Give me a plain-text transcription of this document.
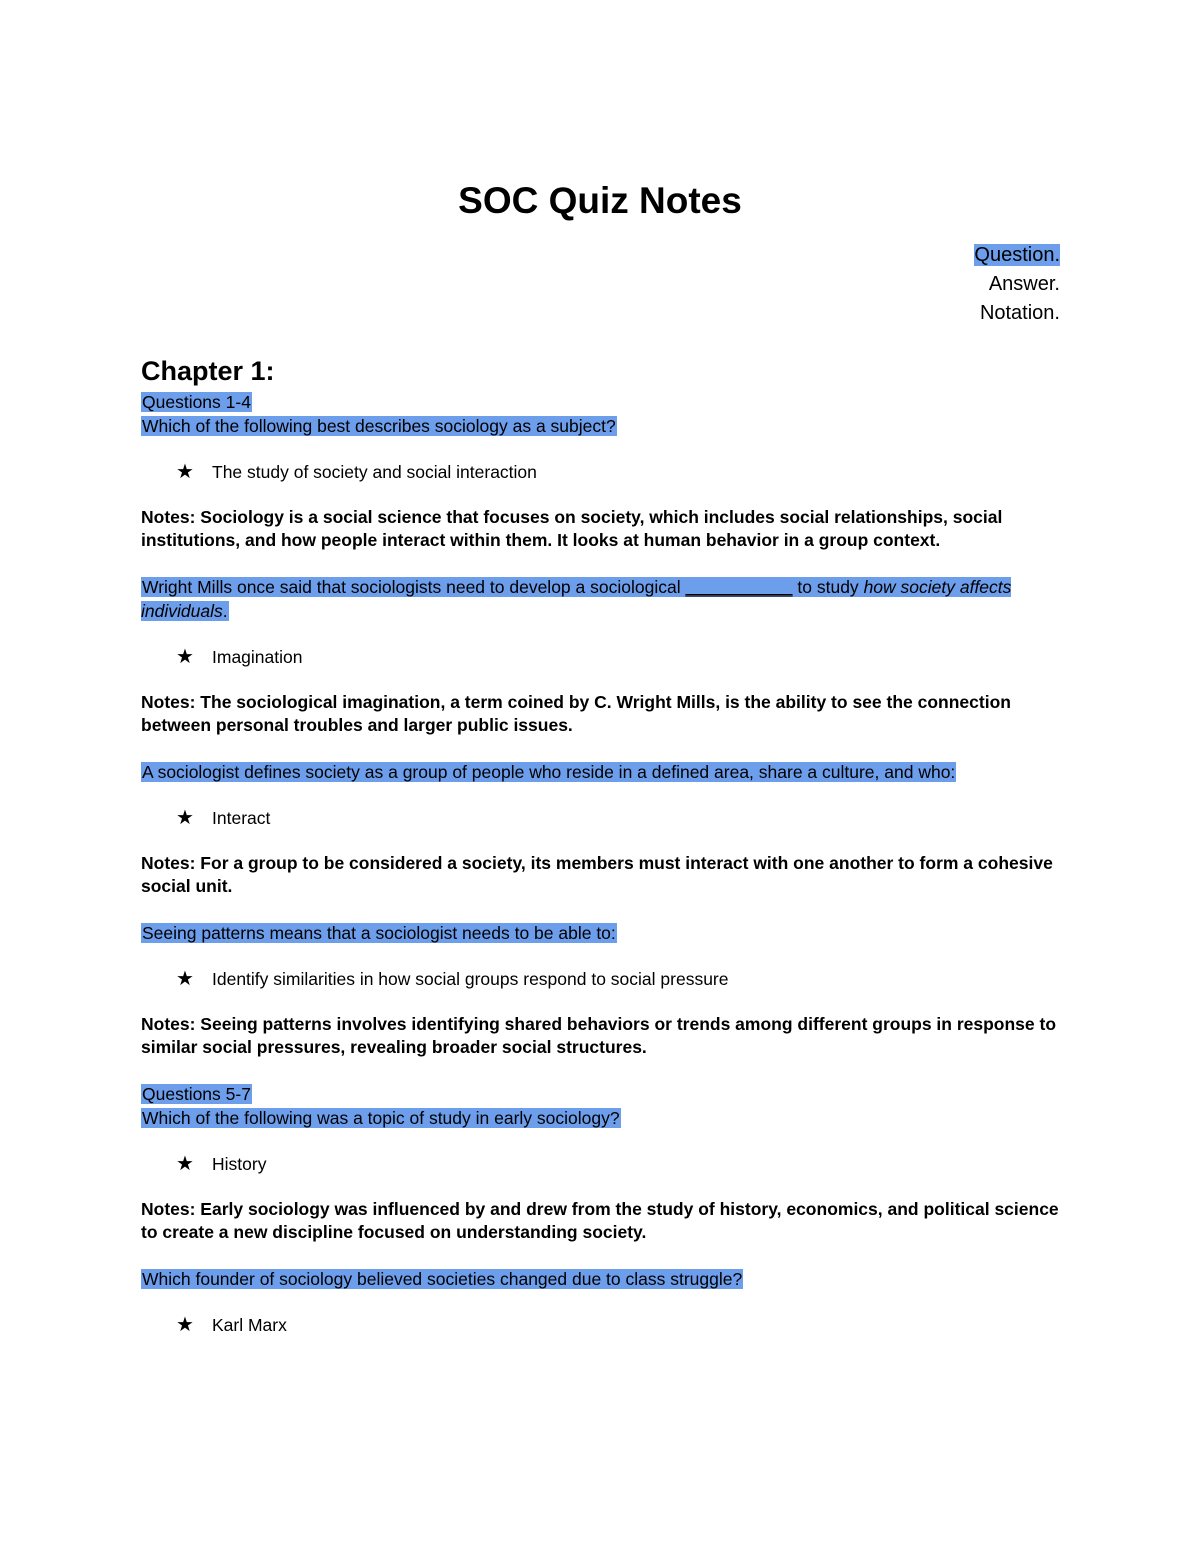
SOC Quiz Notes
Question.
Answer.
Notation.
Chapter 1:
Questions 1-4
Which of the following best describes sociology as a subject?
★	The study of society and social interaction
Notes: Sociology is a social science that focuses on society, which includes social relationships, social institutions, and how people interact within them. It looks at human behavior in a group context.
Wright Mills once said that sociologists need to develop a sociological ___________ to study how society affects individuals.
★	Imagination
Notes: The sociological imagination, a term coined by C. Wright Mills, is the ability to see the connection between personal troubles and larger public issues.
A sociologist defines society as a group of people who reside in a defined area, share a culture, and who:
★	Interact
Notes: For a group to be considered a society, its members must interact with one another to form a cohesive social unit.
Seeing patterns means that a sociologist needs to be able to:
★	Identify similarities in how social groups respond to social pressure
Notes: Seeing patterns involves identifying shared behaviors or trends among different groups in response to similar social pressures, revealing broader social structures.
Questions 5-7
Which of the following was a topic of study in early sociology?
★	History
Notes: Early sociology was influenced by and drew from the study of history, economics, and political science to create a new discipline focused on understanding society.
Which founder of sociology believed societies changed due to class struggle?
★	Karl Marx
